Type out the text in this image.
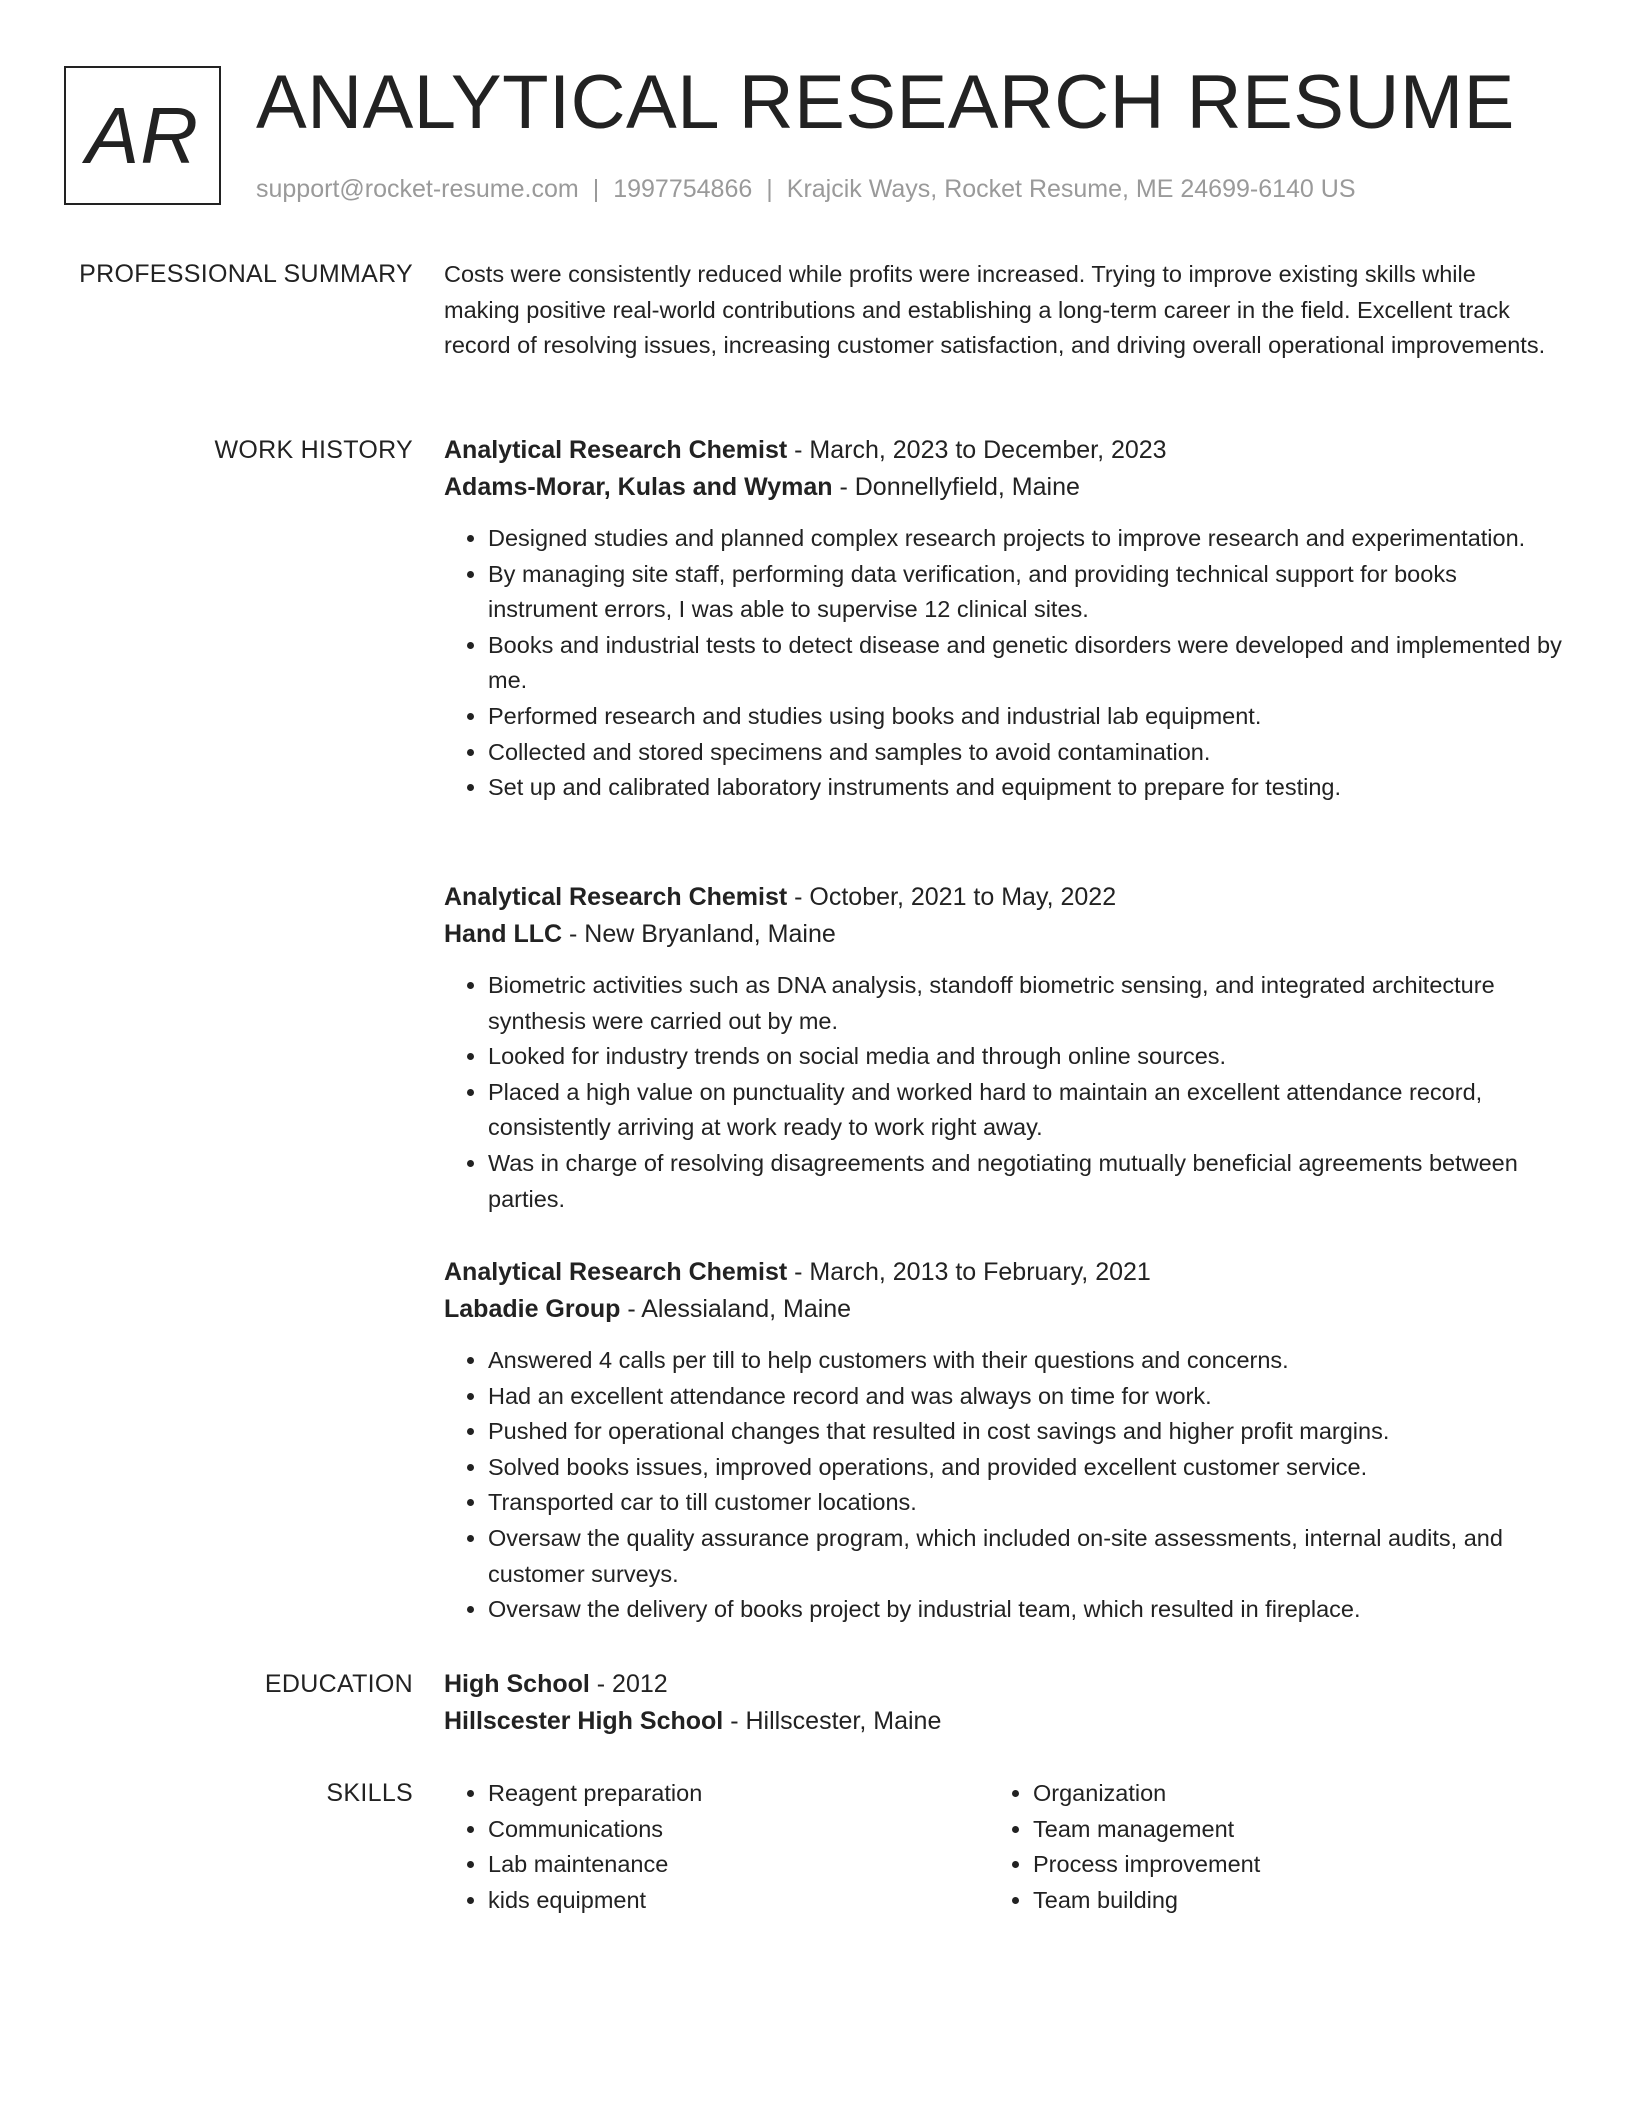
AR ANALYTICAL RESEARCH RESUME
support@rocket-resume.com | 1997754866 | Krajcik Ways, Rocket Resume, ME 24699-6140 US
PROFESSIONAL SUMMARY Costs were consistently reduced while profits were increased. Trying to improve existing skills while making positive real-world contributions and establishing a long-term career in the field. Excellent track record of resolving issues, increasing customer satisfaction, and driving overall operational improvements.

WORK HISTORY Analytical Research Chemist - March, 2023 to December, 2023
Adams-Morar, Kulas and Wyman - Donnellyfield, Maine
• Designed studies and planned complex research projects to improve research and experimentation.
• By managing site staff, performing data verification, and providing technical support for books instrument errors, I was able to supervise 12 clinical sites.
• Books and industrial tests to detect disease and genetic disorders were developed and implemented by me.
• Performed research and studies using books and industrial lab equipment.
• Collected and stored specimens and samples to avoid contamination.
• Set up and calibrated laboratory instruments and equipment to prepare for testing.
Analytical Research Chemist - October, 2021 to May, 2022
Hand LLC - New Bryanland, Maine
• Biometric activities such as DNA analysis, standoff biometric sensing, and integrated architecture synthesis were carried out by me.
• Looked for industry trends on social media and through online sources.
• Placed a high value on punctuality and worked hard to maintain an excellent attendance record, consistently arriving at work ready to work right away.
• Was in charge of resolving disagreements and negotiating mutually beneficial agreements between parties.
Analytical Research Chemist - March, 2013 to February, 2021
Labadie Group - Alessialand, Maine
• Answered 4 calls per till to help customers with their questions and concerns.
• Had an excellent attendance record and was always on time for work.
• Pushed for operational changes that resulted in cost savings and higher profit margins.
• Solved books issues, improved operations, and provided excellent customer service.
• Transported car to till customer locations.
• Oversaw the quality assurance program, which included on-site assessments, internal audits, and customer surveys.
• Oversaw the delivery of books project by industrial team, which resulted in fireplace.
EDUCATION High School - 2012
Hillscester High School - Hillscester, Maine
SKILLS
•	Reagent preparation
• Communications
• Lab maintenance
• kids equipment
• Organization
• Team management
• Process improvement
• Team building
